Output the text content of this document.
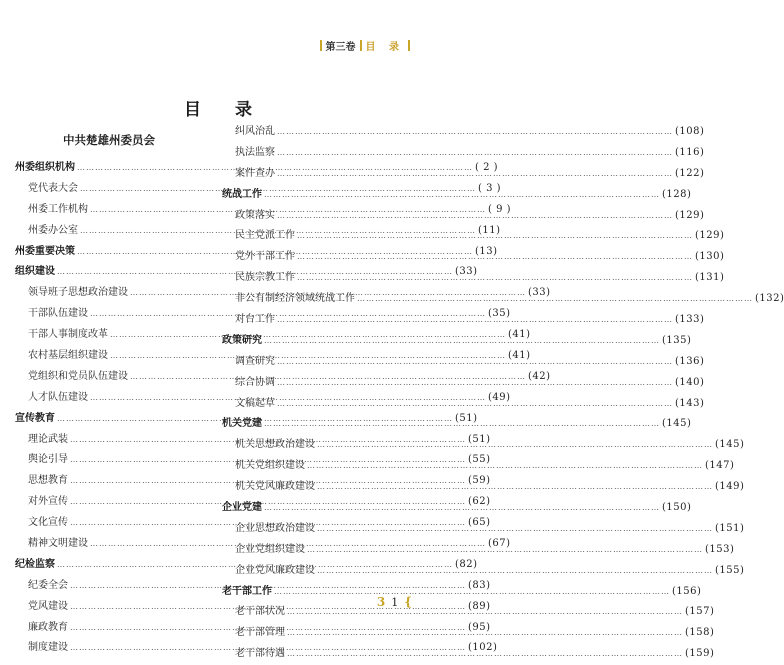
第三卷 目 录
目 录
中共楚雄州委员会
州委组织机构 ……………………………………………………………………………………………………………………	( 2 )
党代表大会 ……………………………………………………………………………………………………………………	( 3 )
州委工作机构 ……………………………………………………………………………………………………………………	( 9 )
州委办公室 ……………………………………………………………………………………………………………………	(11)
州委重要决策 ……………………………………………………………………………………………………………………	(13)
组织建设 ……………………………………………………………………………………………………………………	(33)
领导班子思想政治建设 ……………………………………………………………………………………………………………………	(33)
干部队伍建设 ……………………………………………………………………………………………………………………	(35)
干部人事制度改革 ……………………………………………………………………………………………………………………	(41)
农村基层组织建设 ……………………………………………………………………………………………………………………	(41)
党组织和党员队伍建设 ……………………………………………………………………………………………………………………	(42)
人才队伍建设 ……………………………………………………………………………………………………………………	(49)
宣传教育 ……………………………………………………………………………………………………………………	(51)
理论武装 ……………………………………………………………………………………………………………………	(51)
舆论引导 ……………………………………………………………………………………………………………………	(55)
思想教育 ……………………………………………………………………………………………………………………	(59)
对外宣传 ……………………………………………………………………………………………………………………	(62)
文化宣传 ……………………………………………………………………………………………………………………	(65)
精神文明建设 ……………………………………………………………………………………………………………………	(67)
纪检监察 ……………………………………………………………………………………………………………………	(82)
纪委全会 ……………………………………………………………………………………………………………………	(83)
党风建设 ……………………………………………………………………………………………………………………	(89)
廉政教育 ……………………………………………………………………………………………………………………	(95)
制度建设 ……………………………………………………………………………………………………………………	(102)
纠风治乱 ……………………………………………………………………………………………………………………	(108)
执法监察 ……………………………………………………………………………………………………………………	(116)
案件查办 ……………………………………………………………………………………………………………………	(122)
统战工作 ……………………………………………………………………………………………………………………	(128)
政策落实 ……………………………………………………………………………………………………………………	(129)
民主党派工作 ……………………………………………………………………………………………………………………	(129)
党外干部工作 ……………………………………………………………………………………………………………………	(130)
民族宗教工作 ……………………………………………………………………………………………………………………	(131)
非公有制经济领域统战工作 ……………………………………………………………………………………………………………………	(132)
对台工作 ……………………………………………………………………………………………………………………	(133)
政策研究 ……………………………………………………………………………………………………………………	(135)
调查研究 ……………………………………………………………………………………………………………………	(136)
综合协调 ……………………………………………………………………………………………………………………	(140)
文稿起草 ……………………………………………………………………………………………………………………	(143)
机关党建 ……………………………………………………………………………………………………………………	(145)
机关思想政治建设 ……………………………………………………………………………………………………………………	(145)
机关党组织建设 ……………………………………………………………………………………………………………………	(147)
机关党风廉政建设 ……………………………………………………………………………………………………………………	(149)
企业党建 ……………………………………………………………………………………………………………………	(150)
企业思想政治建设 ……………………………………………………………………………………………………………………	(151)
企业党组织建设 ……………………………………………………………………………………………………………………	(153)
企业党风廉政建设 ……………………………………………………………………………………………………………………	(155)
老干部工作 ……………………………………………………………………………………………………………………	(156)
老干部状况 ……………………………………………………………………………………………………………………	(157)
老干部管理 ……………………………………………………………………………………………………………………	(158)
老干部待遇 ……………………………………………………………………………………………………………………	(159)
3 1 {
